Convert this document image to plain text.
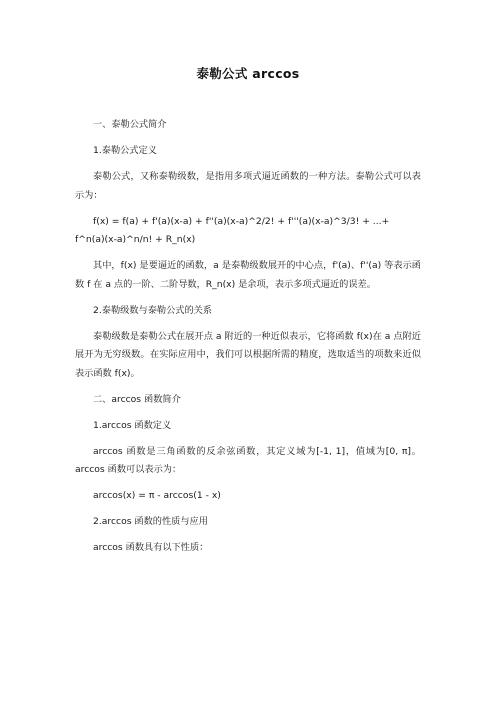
泰勒公式 arccos

一、泰勒公式简介

1.泰勒公式定义

泰勒公式，又称泰勒级数，是指用多项式逼近函数的一种方法。泰勒公式可以表示为：

f(x) = f(a) + f'(a)(x-a) + f''(a)(x-a)^2/2! + f'''(a)(x-a)^3/3! + ...+

f^n(a)(x-a)^n/n! + R_n(x)

其中，f(x) 是要逼近的函数，a 是泰勒级数展开的中心点，f'(a)、f''(a) 等表示函数 f 在 a 点的一阶、二阶导数，R_n(x) 是余项，表示多项式逼近的误差。

2.泰勒级数与泰勒公式的关系

泰勒级数是泰勒公式在展开点 a 附近的一种近似表示，它将函数 f(x)在 a 点附近展开为无穷级数。在实际应用中，我们可以根据所需的精度，选取适当的项数来近似表示函数 f(x)。

二、arccos 函数简介

1.arccos 函数定义

arccos 函数是三角函数的反余弦函数，其定义域为[-1, 1]，值域为[0, π]。arccos 函数可以表示为：

arccos(x) = π - arccos(1 - x)

2.arccos 函数的性质与应用

arccos 函数具有以下性质：
